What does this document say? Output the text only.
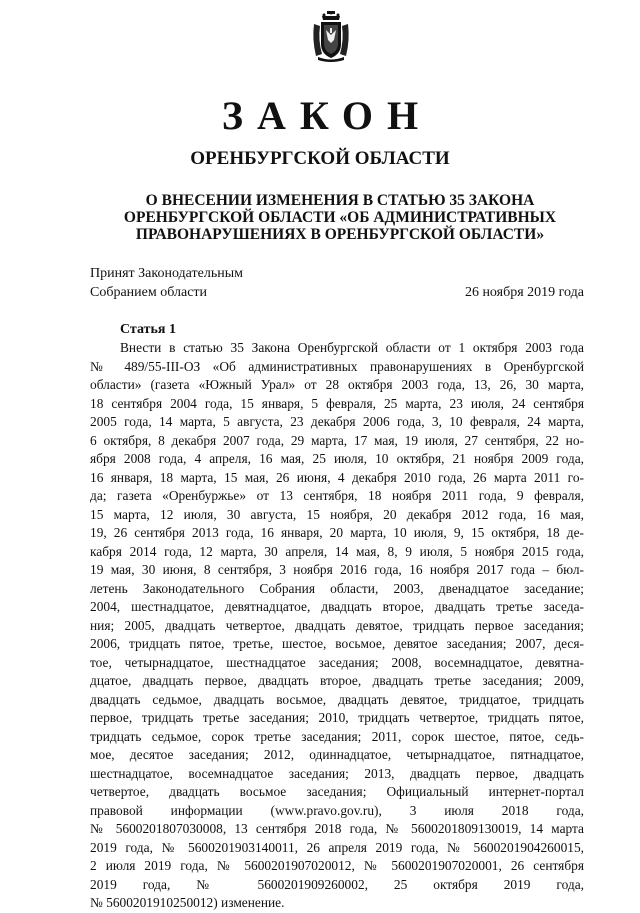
ЗАКОН
ОРЕНБУРГСКОЙ ОБЛАСТИ
О ВНЕСЕНИИ ИЗМЕНЕНИЯ В СТАТЬЮ 35 ЗАКОНА
ОРЕНБУРГСКОЙ ОБЛАСТИ «ОБ АДМИНИСТРАТИВНЫХ
ПРАВОНАРУШЕНИЯХ В ОРЕНБУРГСКОЙ ОБЛАСТИ»
Принят Законодательным
Собранием области	26 ноября 2019 года
Статья 1
Внести в статью 35 Закона Оренбургской области от 1 октября 2003 года
№ 489/55-III-ОЗ «Об административных правонарушениях в Оренбургской
области» (газета «Южный Урал» от 28 октября 2003 года, 13, 26, 30 марта,
18 сентября 2004 года, 15 января, 5 февраля, 25 марта, 23 июля, 24 сентября
2005 года, 14 марта, 5 августа, 23 декабря 2006 года, 3, 10 февраля, 24 марта,
6 октября, 8 декабря 2007 года, 29 марта, 17 мая, 19 июля, 27 сентября, 22 но-
ября 2008 года, 4 апреля, 16 мая, 25 июля, 10 октября, 21 ноября 2009 года,
16 января, 18 марта, 15 мая, 26 июня, 4 декабря 2010 года, 26 марта 2011 го-
да; газета «Оренбуржье» от 13 сентября, 18 ноября 2011 года, 9 февраля,
15 марта, 12 июля, 30 августа, 15 ноября, 20 декабря 2012 года, 16 мая,
19, 26 сентября 2013 года, 16 января, 20 марта, 10 июля, 9, 15 октября, 18 де-
кабря 2014 года, 12 марта, 30 апреля, 14 мая, 8, 9 июля, 5 ноября 2015 года,
19 мая, 30 июня, 8 сентября, 3 ноября 2016 года, 16 ноября 2017 года – бюл-
летень Законодательного Собрания области, 2003, двенадцатое заседание;
2004, шестнадцатое, девятнадцатое, двадцать второе, двадцать третье заседа-
ния; 2005, двадцать четвертое, двадцать девятое, тридцать первое заседания;
2006, тридцать пятое, третье, шестое, восьмое, девятое заседания; 2007, деся-
тое, четырнадцатое, шестнадцатое заседания; 2008, восемнадцатое, девятна-
дцатое, двадцать первое, двадцать второе, двадцать третье заседания; 2009,
двадцать седьмое, двадцать восьмое, двадцать девятое, тридцатое, тридцать
первое, тридцать третье заседания; 2010, тридцать четвертое, тридцать пятое,
тридцать седьмое, сорок третье заседания; 2011, сорок шестое, пятое, седь-
мое, десятое заседания; 2012, одиннадцатое, четырнадцатое, пятнадцатое,
шестнадцатое, восемнадцатое заседания; 2013, двадцать первое, двадцать
четвертое, двадцать восьмое заседания; Официальный интернет-портал
правовой информации (www.pravo.gov.ru), 3 июля 2018 года,
№ 5600201807030008, 13 сентября 2018 года, № 5600201809130019, 14 марта
2019 года, № 5600201903140011, 26 апреля 2019 года, № 5600201904260015,
2 июля 2019 года, № 5600201907020012, № 5600201907020001, 26 сентября
2019 года, № 5600201909260002, 25 октября 2019 года,
№ 5600201910250012) изменение.
